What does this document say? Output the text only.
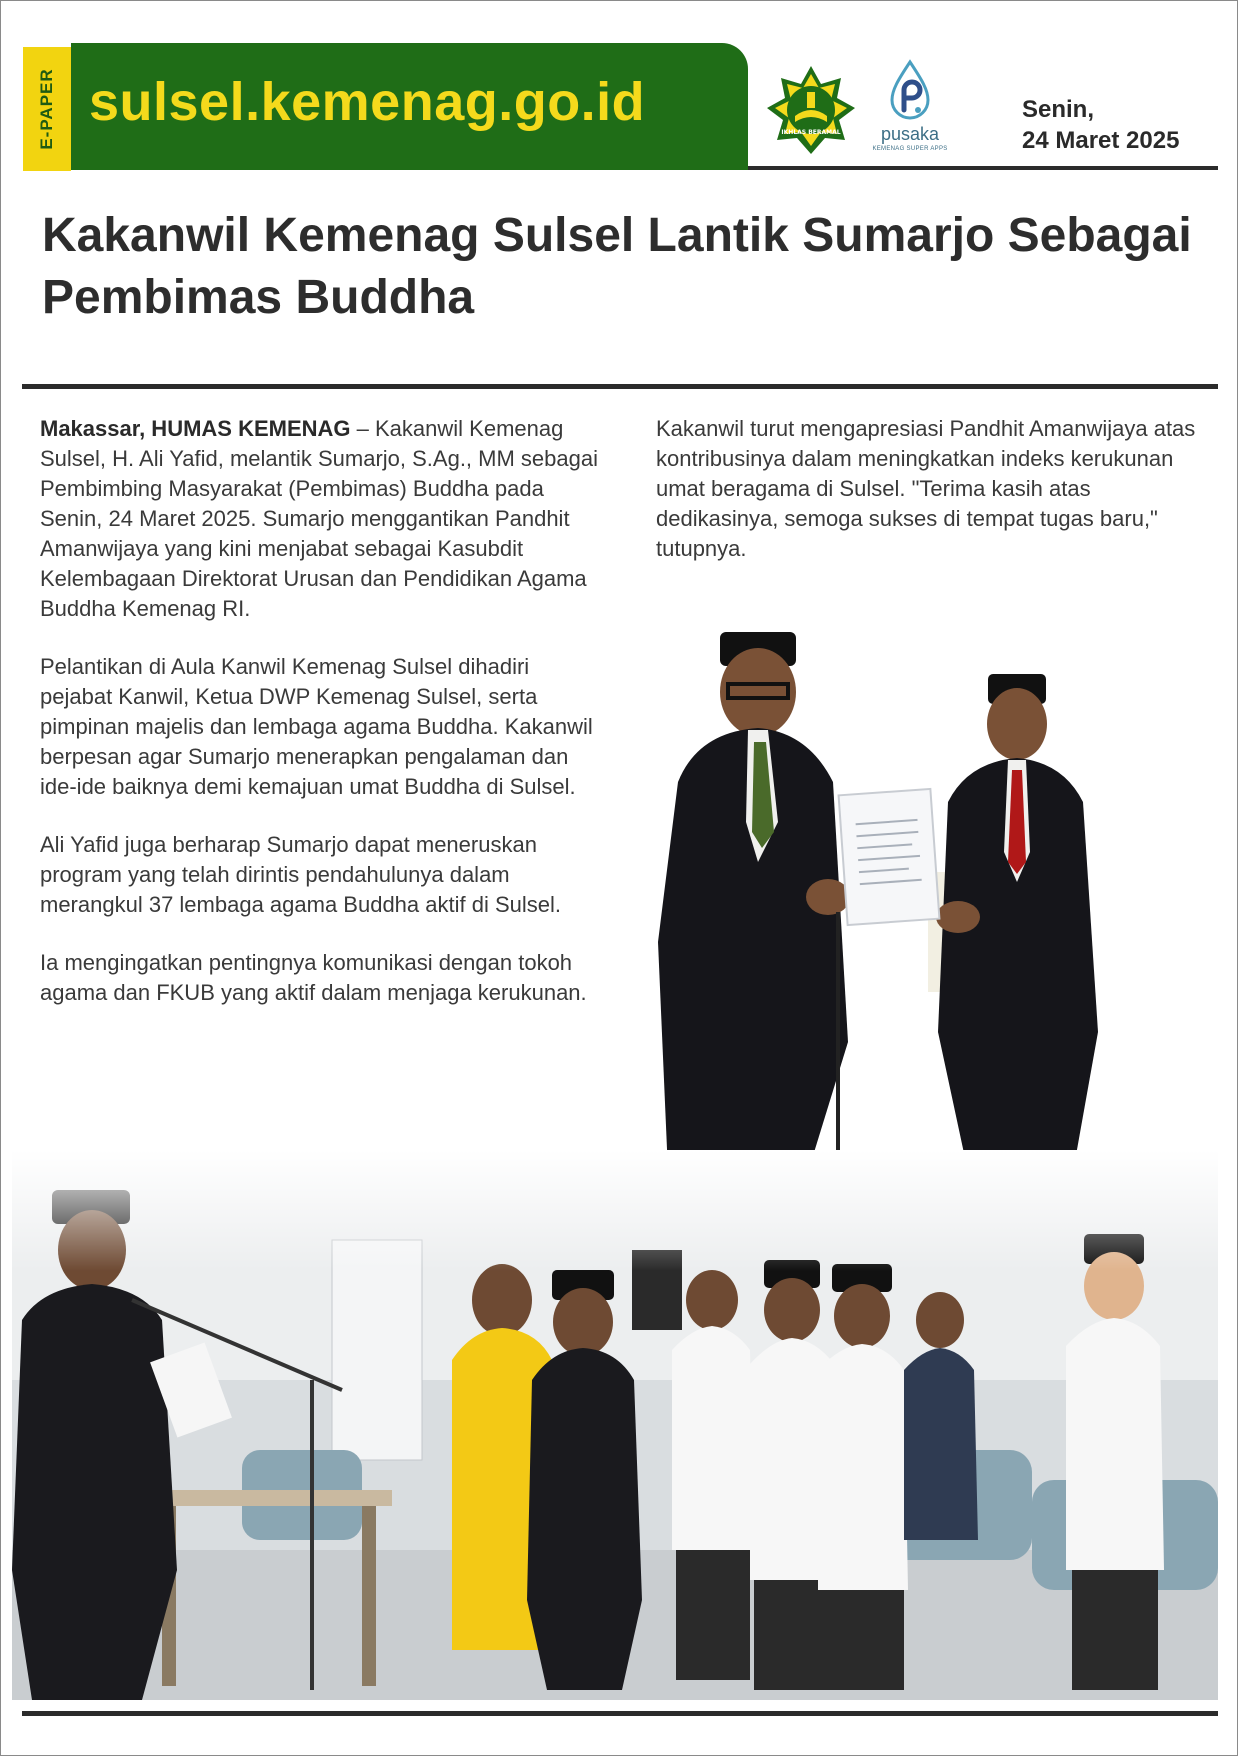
E-PAPER sulsel.kemenag.go.id
IKHLAS BERAMAL	pusaka
KEMENAG SUPER APPS
Senin,
24 Maret 2025
Kakanwil Kemenag Sulsel Lantik Sumarjo Sebagai Pembimas Buddha

Makassar, HUMAS KEMENAG – Kakanwil Kemenag Sulsel, H. Ali Yafid, melantik Sumarjo, S.Ag., MM sebagai Pembimbing Masyarakat (Pembimas) Buddha pada Senin, 24 Maret 2025. Sumarjo menggantikan Pandhit Amanwijaya yang kini menjabat sebagai Kasubdit Kelembagaan Direktorat Urusan dan Pendidikan Agama Buddha Kemenag RI.

Pelantikan di Aula Kanwil Kemenag Sulsel dihadiri pejabat Kanwil, Ketua DWP Kemenag Sulsel, serta pimpinan majelis dan lembaga agama Buddha. Kakanwil berpesan agar Sumarjo menerapkan pengalaman dan ide-ide baiknya demi kemajuan umat Buddha di Sulsel.

Ali Yafid juga berharap Sumarjo dapat meneruskan program yang telah dirintis pendahulunya dalam merangkul 37 lembaga agama Buddha aktif di Sulsel.

Ia mengingatkan pentingnya komunikasi dengan tokoh agama dan FKUB yang aktif dalam menjaga kerukunan.

Kakanwil turut mengapresiasi Pandhit Amanwijaya atas kontribusinya dalam meningkatkan indeks kerukunan umat beragama di Sulsel. "Terima kasih atas dedikasinya, semoga sukses di tempat tugas baru," tutupnya.
